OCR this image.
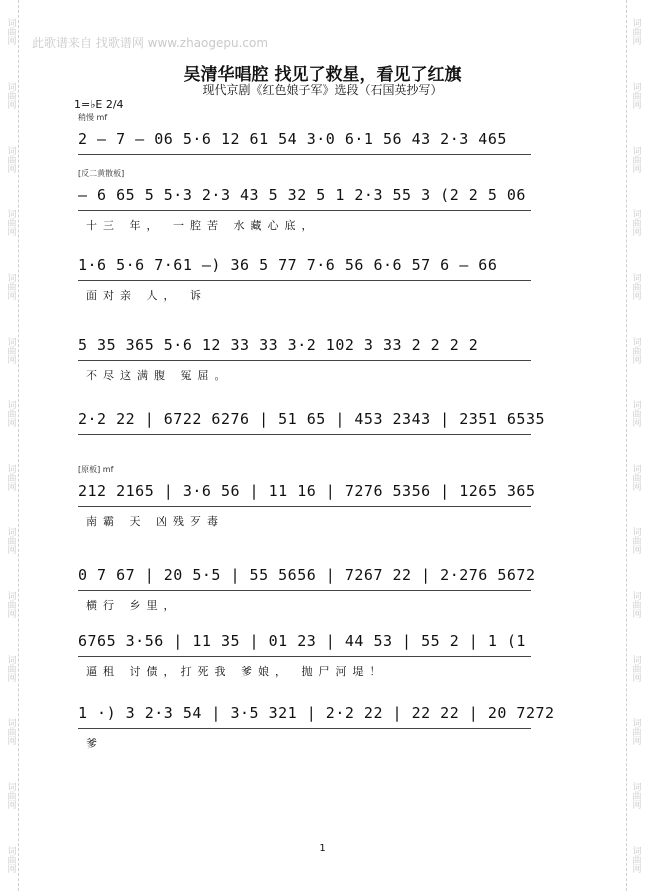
词曲网
词曲网
词曲网
词曲网
词曲网
词曲网
词曲网
词曲网
词曲网
词曲网
词曲网
词曲网
词曲网
词曲网
词曲网
词曲网
词曲网
词曲网
词曲网
词曲网
词曲网
词曲网
词曲网
词曲网
词曲网
词曲网
词曲网
词曲网
此歌谱来自 找歌谱网 www.zhaogepu.com
吴清华唱腔 找见了救星，看见了红旗
现代京剧《红色娘子军》选段（石国英抄写）
1=♭E 2/4
稍慢 mf
2 – 7 – 06 5·6 12 61 54 3·0 6·1 56 43 2·3 465
[反二黄散板]
– 6 65 5 5·3 2·3 43 5 32 5 1 2·3 55 3 (2 2 5 06
十三 年， 一腔苦 水藏心底，
1·6 5·6 7·61 –) 36 5 77 7·6 56 6·6 57 6 – 66
面对亲 人， 诉
5 35 365 5·6 12 33 33 3·2 102 3 33 2 2 2 2
不尽这满腹 冤屈。
2·2 22 | 6722 6276 | 51 65 | 453 2343 | 2351 6535
[原板] mf
212 2165 | 3·6 56 | 11 16 | 7276 5356 | 1265 365
南霸 天 凶残歹毒
0 7 67 | 20 5·5 | 55 5656 | 7267 22 | 2·276 5672
横行 乡里，
6765 3·56 | 11 35 | 01 23 | 44 53 | 55 2 | 1 (1
逼租 讨债，打死我 爹娘， 抛尸河堤！
1 ·) 3 2·3 54 | 3·5 321 | 2·2 22 | 22 22 | 20 7272
爹
1
